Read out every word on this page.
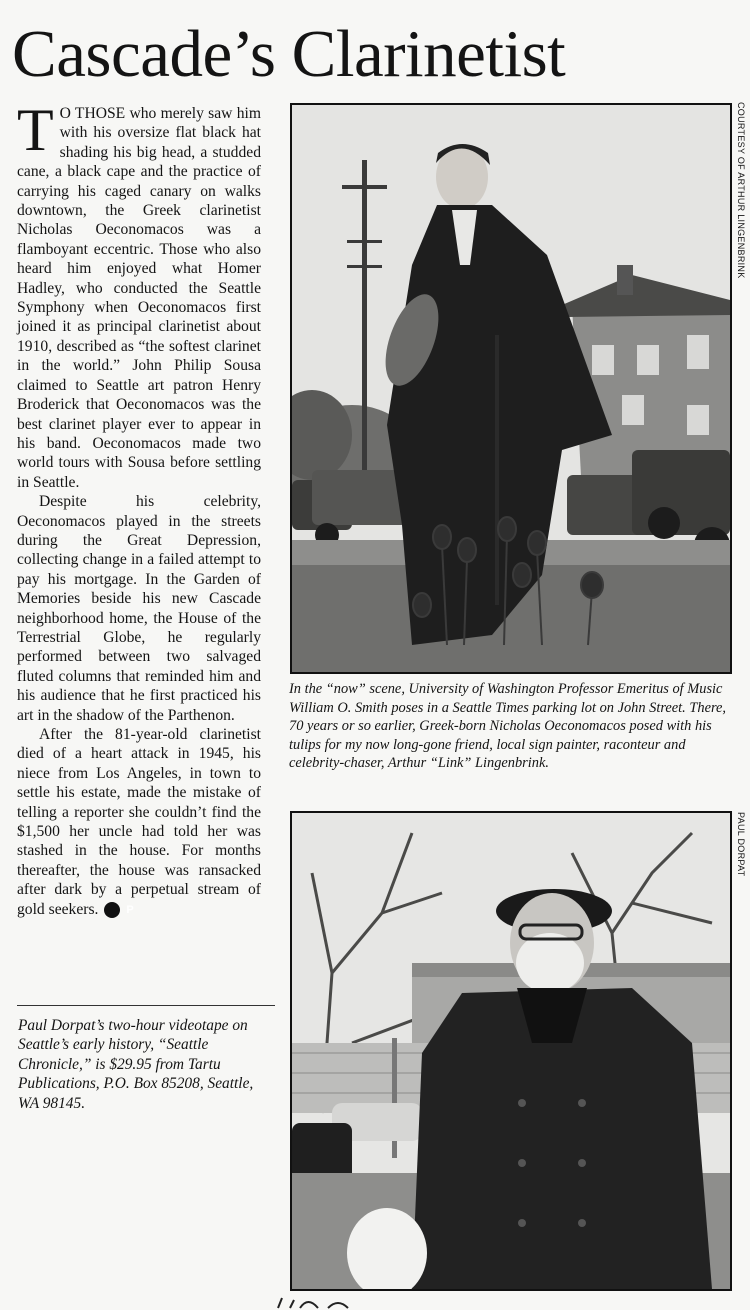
Cascade’s Clarinetist

T O THOSE who merely saw him with his oversize flat black hat shading his big head, a studded cane, a black cape and the practice of carrying his caged canary on walks downtown, the Greek clarinetist Nicholas Oeconomacos was a flamboyant eccentric. Those who also heard him enjoyed what Homer Hadley, who conducted the Seattle Symphony when Oeconomacos first joined it as principal clarinetist about 1910, described as “the softest clarinet in the world.” John Philip Sousa claimed to Seattle art patron Henry Broderick that Oeconomacos was the best clarinet player ever to appear in his band. Oeconomacos made two world tours with Sousa before settling in Seattle.

Despite his celebrity, Oeconomacos played in the streets during the Great Depression, collecting change in a failed attempt to pay his mortgage. In the Garden of Memories beside his new Cascade neighborhood home, the House of the Terrestrial Globe, he regularly performed between two salvaged fluted columns that reminded him and his audience that he first practiced his art in the shadow of the Parthenon.

After the 81-year-old clarinetist died of a heart attack in 1945, his niece from Los Angeles, in town to settle his estate, made the mistake of telling a reporter she couldn’t find the $1,500 her uncle had told her was stashed in the house. For months thereafter, the house was ransacked after dark by a perpetual stream of gold seekers.	P

Paul Dorpat’s two-hour videotape on Seattle’s early history, “Seattle Chronicle,” is $29.95 from Tartu Publications, P.O. Box 85208, Seattle, WA 98145.
COURTESY OF ARTHUR LINGENBRINK
In the “now” scene, University of Washington Professor Emeritus of Music William O. Smith poses in a Seattle Times parking lot on John Street. There, 70 years or so earlier, Greek-born Nicholas Oeconomacos posed with his tulips for my now long-gone friend, local sign painter, raconteur and celebrity-chaser, Arthur “Link” Lingenbrink.
PAUL DORPAT
